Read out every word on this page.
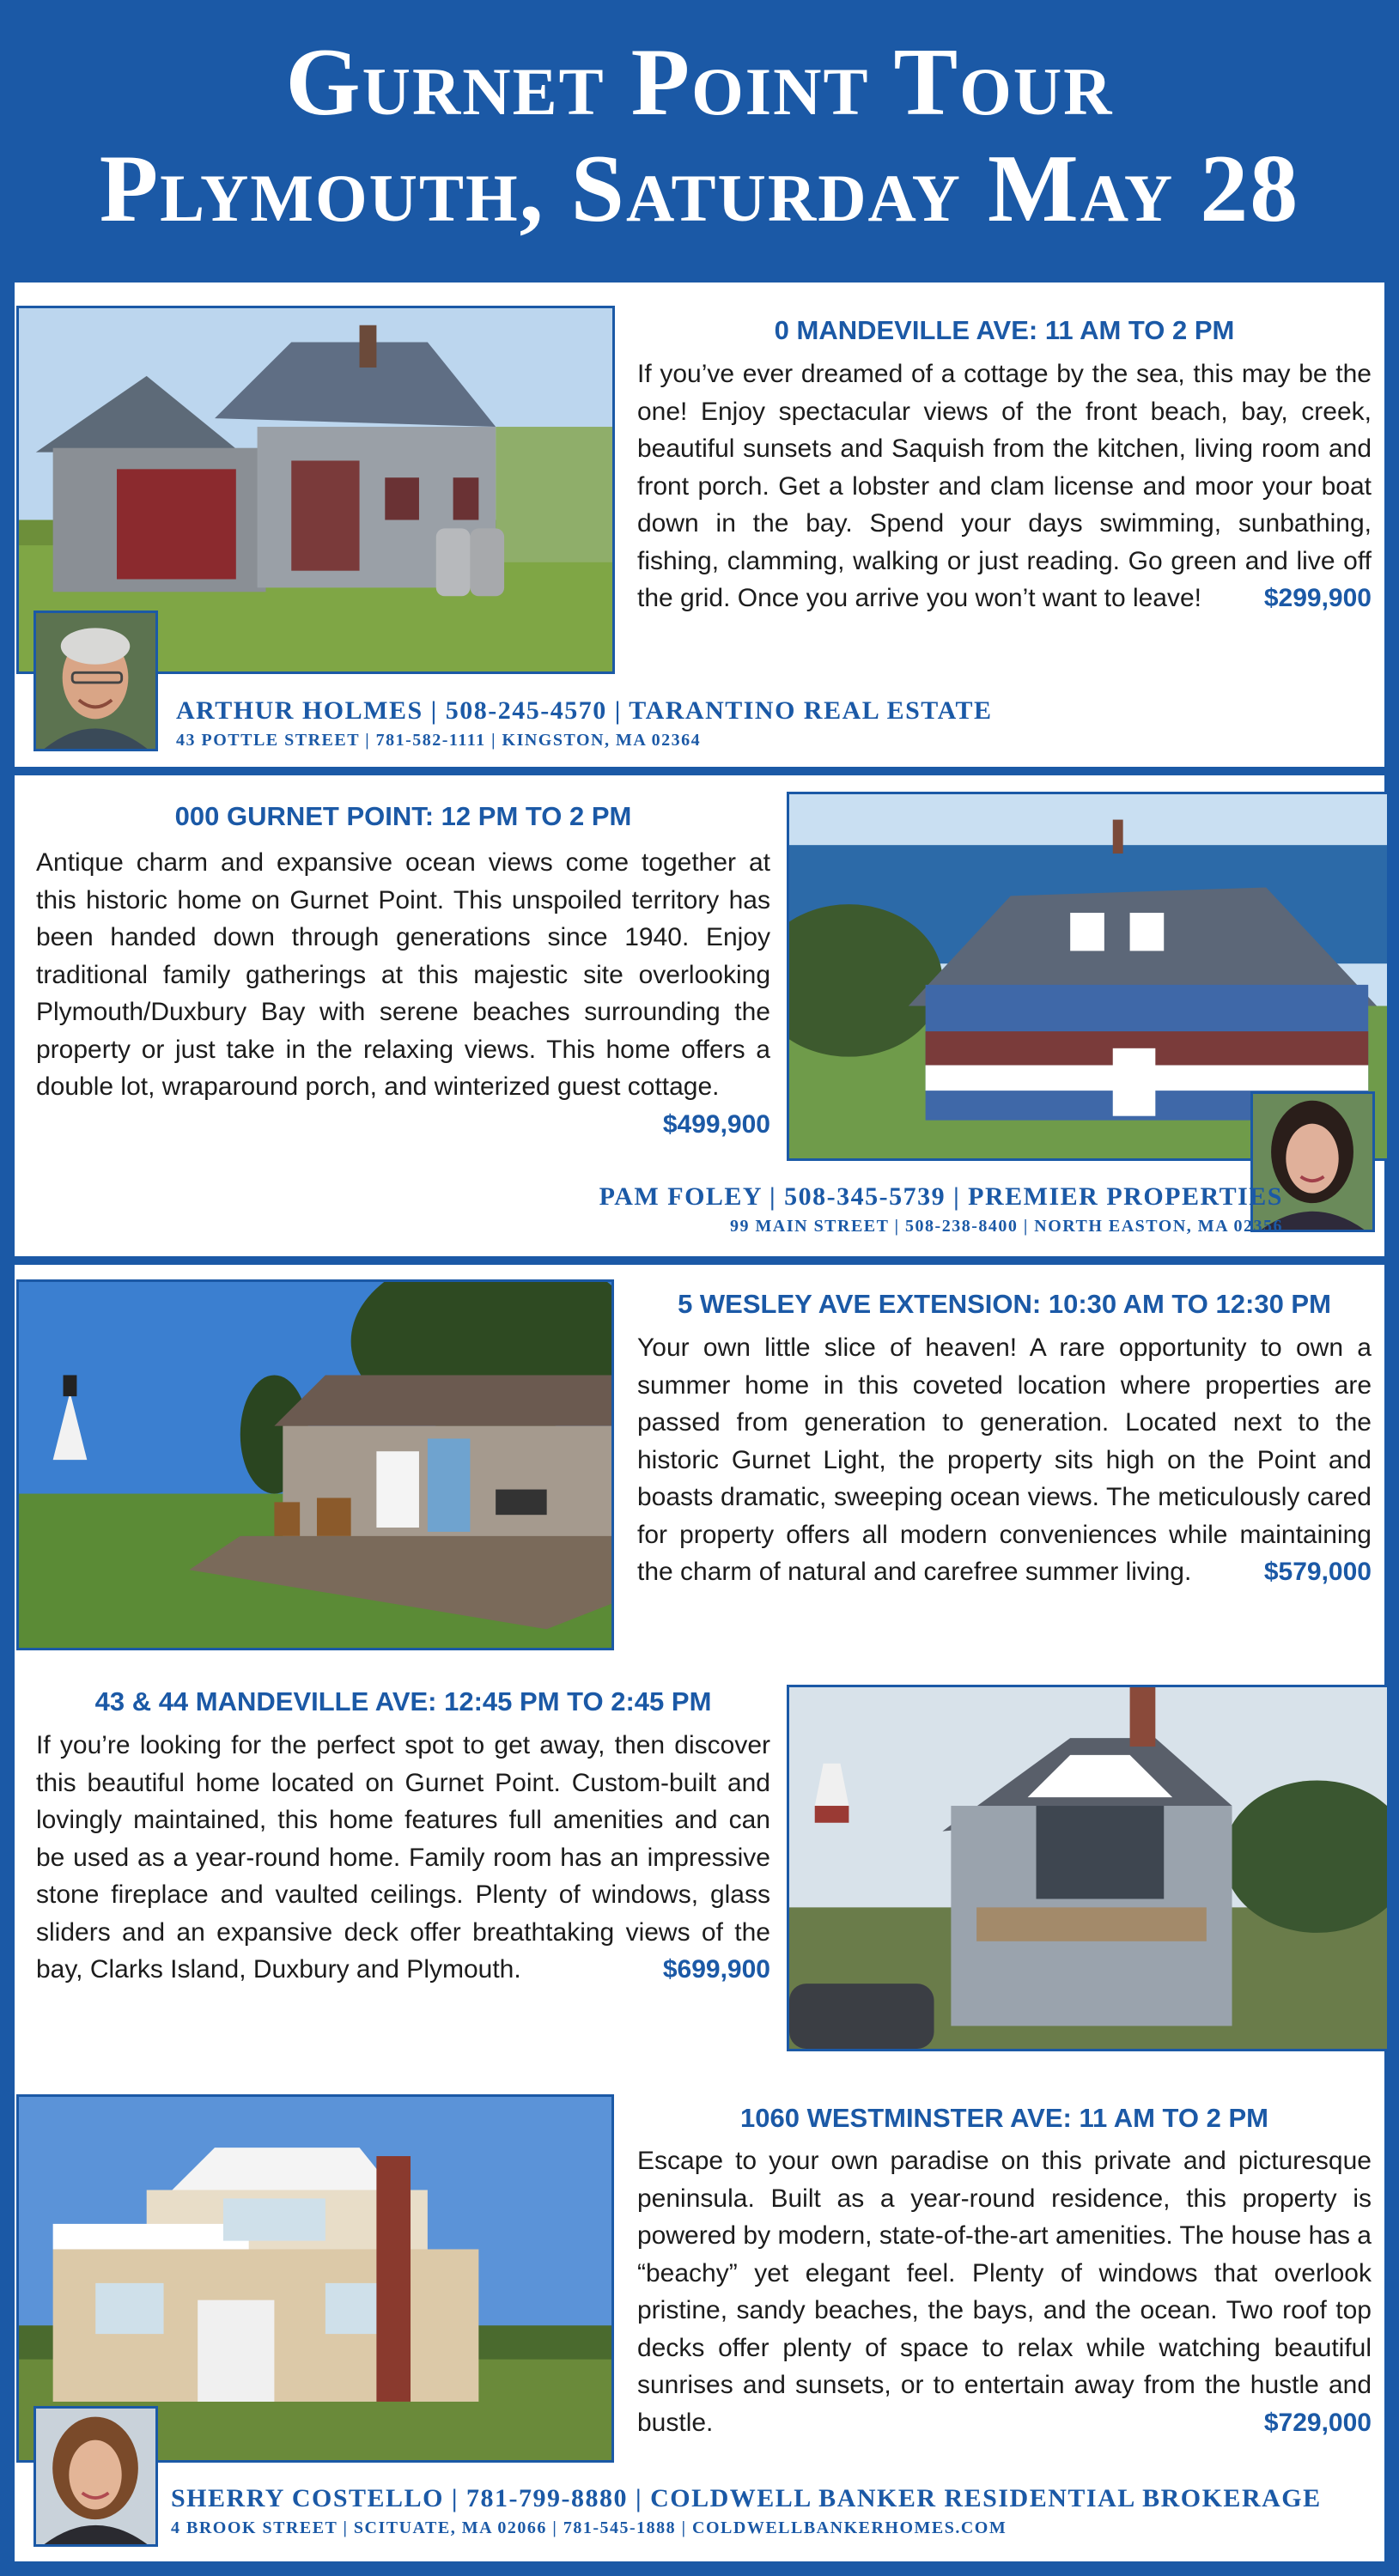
Gurnet Point Tour
Plymouth, Saturday May 28
0 MANDEVILLE AVE: 11 AM TO 2 PM
If you’ve ever dreamed of a cottage by the sea, this may be the one! Enjoy spectacular views of the front beach, bay, creek, beautiful sunsets and Saquish from the kitchen, living room and front porch. Get a lobster and clam license and moor your boat down in the bay. Spend your days swimming, sunbathing, fishing, clamming, walking or just reading. Go green and live off the grid. Once you arrive you won’t want to leave! $299,900
ARTHUR HOLMES | 508-245-4570 | TARANTINO REAL ESTATE
43 POTTLE STREET | 781-582-1111 | KINGSTON, MA 02364
000 GURNET POINT: 12 PM TO 2 PM
Antique charm and expansive ocean views come together at this historic home on Gurnet Point. This unspoiled territory has been handed down through generations since 1940. Enjoy traditional family gatherings at this majestic site overlooking Plymouth/Duxbury Bay with serene beaches surrounding the property or just take in the relaxing views. This home offers a double lot, wraparound porch, and winterized guest cottage.
$499,900
PAM FOLEY | 508-345-5739 | PREMIER PROPERTIES
99 MAIN STREET | 508-238-8400 | NORTH EASTON, MA 02356
5 WESLEY AVE EXTENSION: 10:30 AM TO 12:30 PM
Your own little slice of heaven! A rare opportunity to own a summer home in this coveted location where properties are passed from generation to generation. Located next to the historic Gurnet Light, the property sits high on the Point and boasts dramatic, sweeping ocean views. The meticulously cared for property offers all modern conveniences while maintaining the charm of natural and carefree summer living.	$579,000
43 & 44 MANDEVILLE AVE: 12:45 PM TO 2:45 PM
If you’re looking for the perfect spot to get away, then discover this beautiful home located on Gurnet Point. Custom-built and lovingly maintained, this home features full amenities and can be used as a year-round home. Family room has an impressive stone fireplace and vaulted ceilings. Plenty of windows, glass sliders and an expansive deck offer breathtaking views of the bay, Clarks Island, Duxbury and Plymouth.	$699,900
1060 WESTMINSTER AVE: 11 AM TO 2 PM
Escape to your own paradise on this private and picturesque peninsula. Built as a year-round residence, this property is powered by modern, state-of-the-art amenities. The house has a “beachy” yet elegant feel. Plenty of windows that overlook pristine, sandy beaches, the bays, and the ocean. Two roof top decks offer plenty of space to relax while watching beautiful sunrises and sunsets, or to entertain away from the hustle and bustle.	$729,000
SHERRY COSTELLO | 781-799-8880 | COLDWELL BANKER RESIDENTIAL BROKERAGE
4 BROOK STREET | SCITUATE, MA 02066 | 781-545-1888 | COLDWELLBANKERHOMES.COM
